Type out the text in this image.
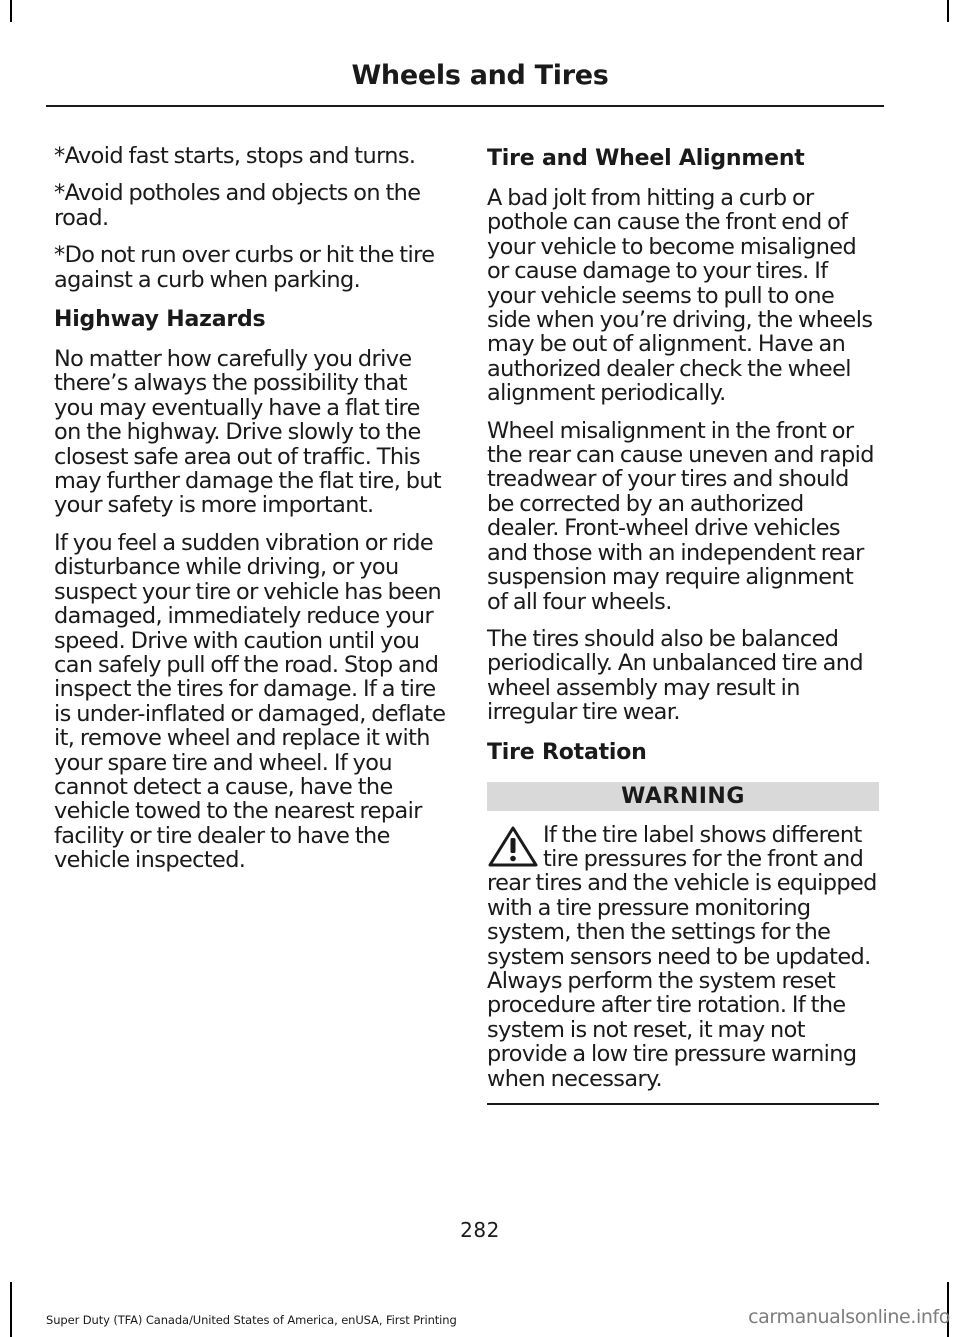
Wheels and Tires

*Avoid fast starts, stops and turns.

*Avoid potholes and objects on the road.

*Do not run over curbs or hit the tire against a curb when parking.

Highway Hazards

No matter how carefully you drive there’s always the possibility that you may eventually have a flat tire on the highway. Drive slowly to the closest safe area out of traffic. This may further damage the flat tire, but your safety is more important.

If you feel a sudden vibration or ride disturbance while driving, or you suspect your tire or vehicle has been damaged, immediately reduce your speed. Drive with caution until you can safely pull off the road. Stop and inspect the tires for damage. If a tire is under-inflated or damaged, deflate it, remove wheel and replace it with your spare tire and wheel. If you cannot detect a cause, have the vehicle towed to the nearest repair facility or tire dealer to have the vehicle inspected.

Tire and Wheel Alignment

A bad jolt from hitting a curb or pothole can cause the front end of your vehicle to become misaligned or cause damage to your tires. If your vehicle seems to pull to one side when you’re driving, the wheels may be out of alignment. Have an authorized dealer check the wheel alignment periodically.

Wheel misalignment in the front or the rear can cause uneven and rapid treadwear of your tires and should be corrected by an authorized dealer. Front-wheel drive vehicles and those with an independent rear suspension may require alignment of all four wheels.

The tires should also be balanced periodically. An unbalanced tire and wheel assembly may result in irregular tire wear.

Tire Rotation
WARNING

If the tire label shows different tire pressures for the front and rear tires and the vehicle is equipped with a tire pressure monitoring system, then the settings for the system sensors need to be updated. Always perform the system reset procedure after tire rotation. If the system is not reset, it may not provide a low tire pressure warning when necessary.

282
Super Duty (TFA) Canada/United States of America, enUSA, First Printing	carmanualsonline.info
